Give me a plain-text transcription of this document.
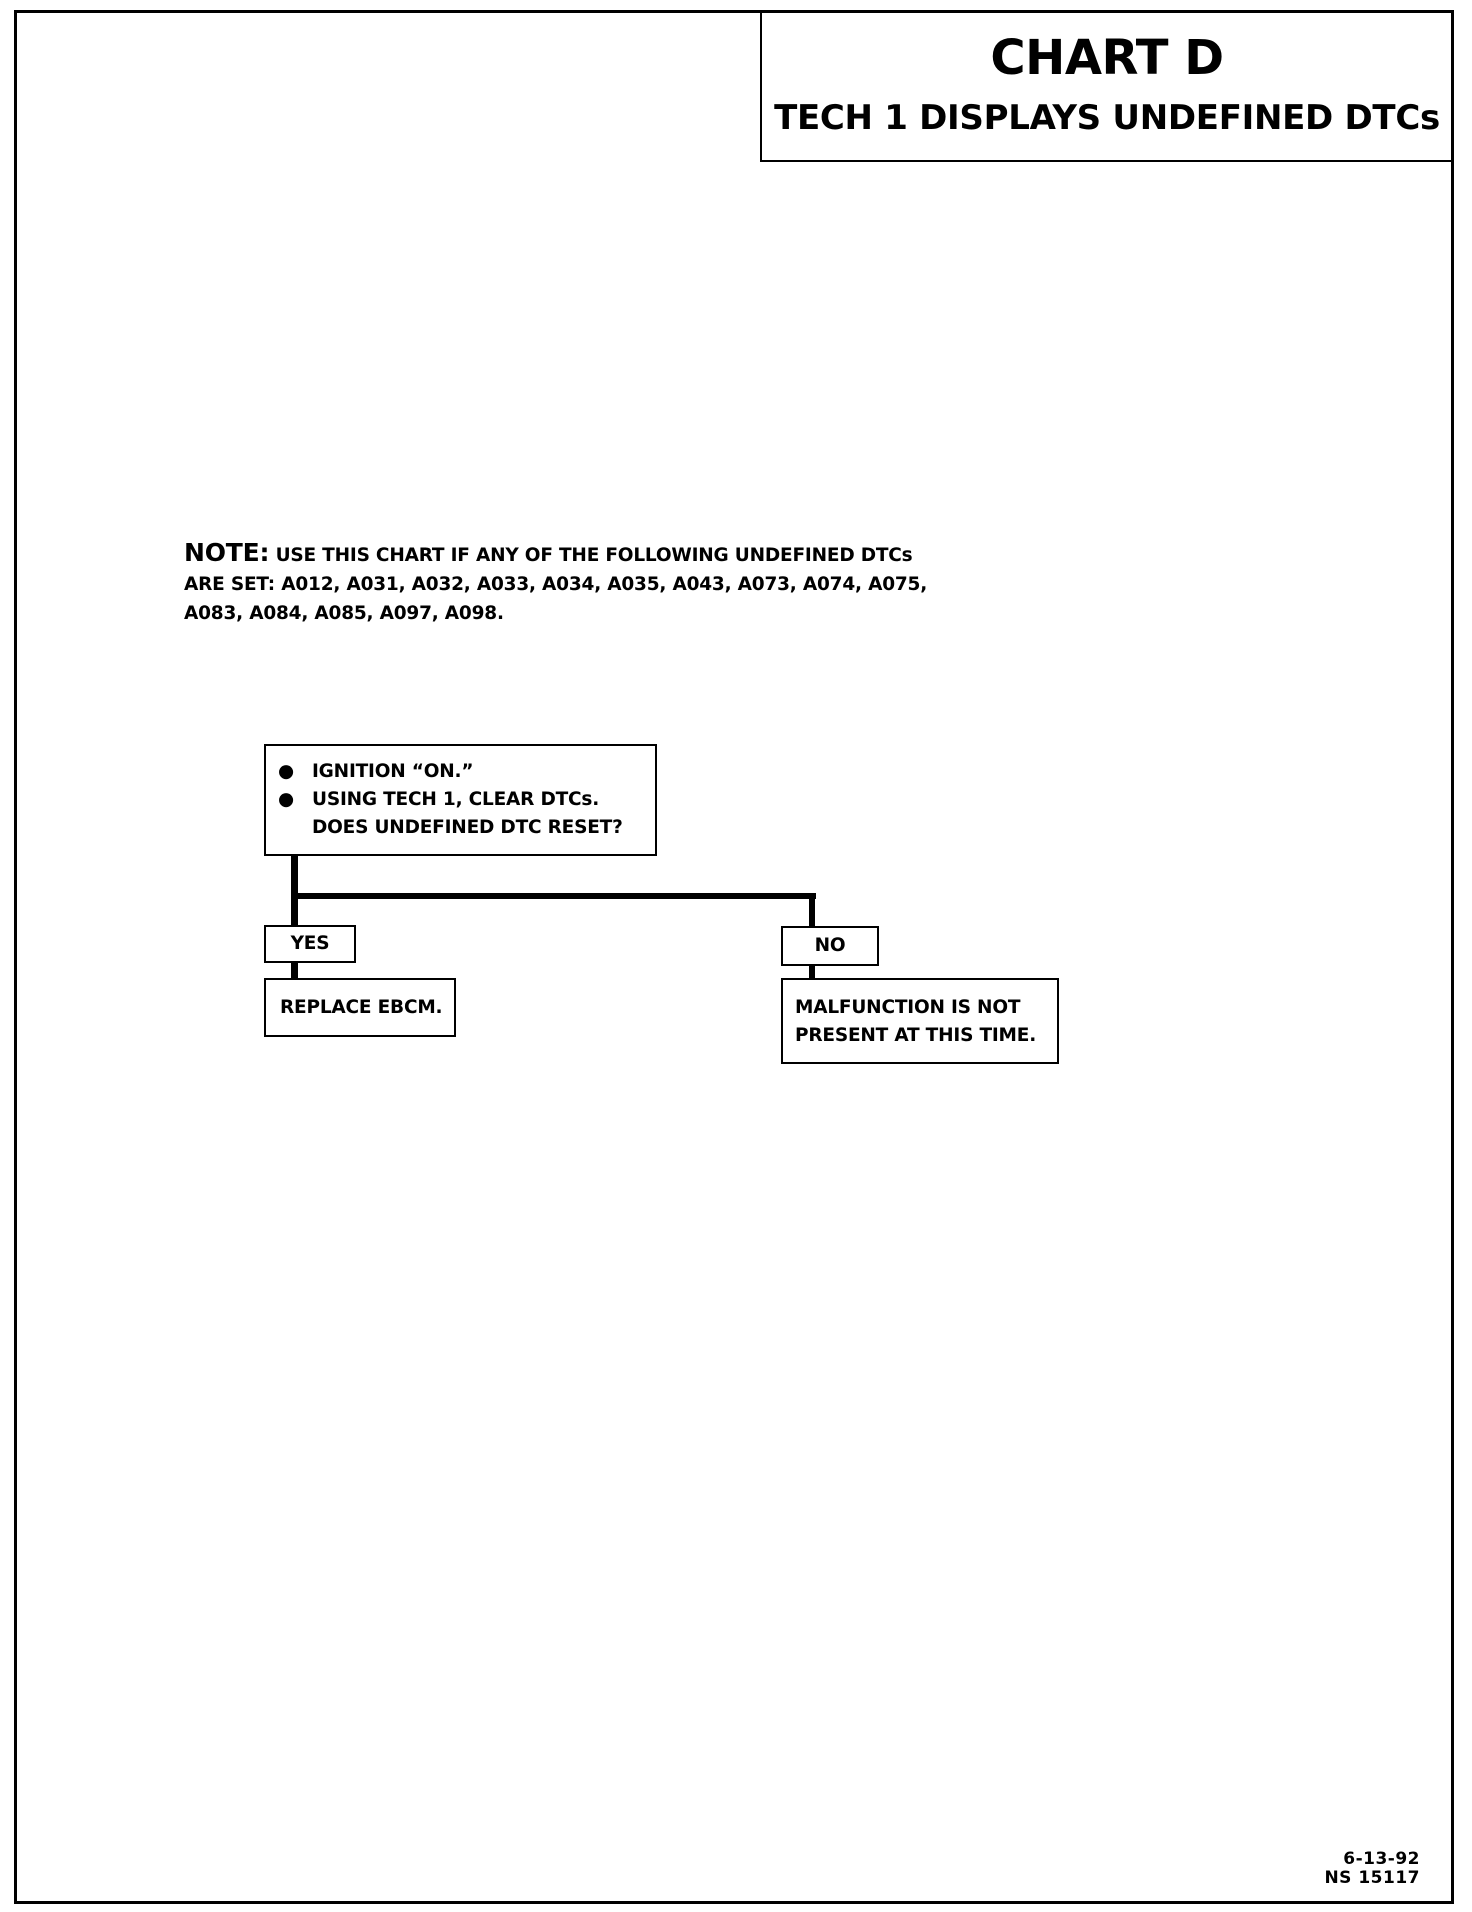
CHART D
TECH 1 DISPLAYS UNDEFINED DTCs
NOTE: USE THIS CHART IF ANY OF THE FOLLOWING UNDEFINED DTCs
ARE SET: A012, A031, A032, A033, A034, A035, A043, A073, A074, A075,
A083, A084, A085, A097, A098.
● IGNITION “ON.”
● USING TECH 1, CLEAR DTCs.
DOES UNDEFINED DTC RESET?
YES	NO
REPLACE EBCM.	MALFUNCTION IS NOT
PRESENT AT THIS TIME.
6-13-92
NS 15117
